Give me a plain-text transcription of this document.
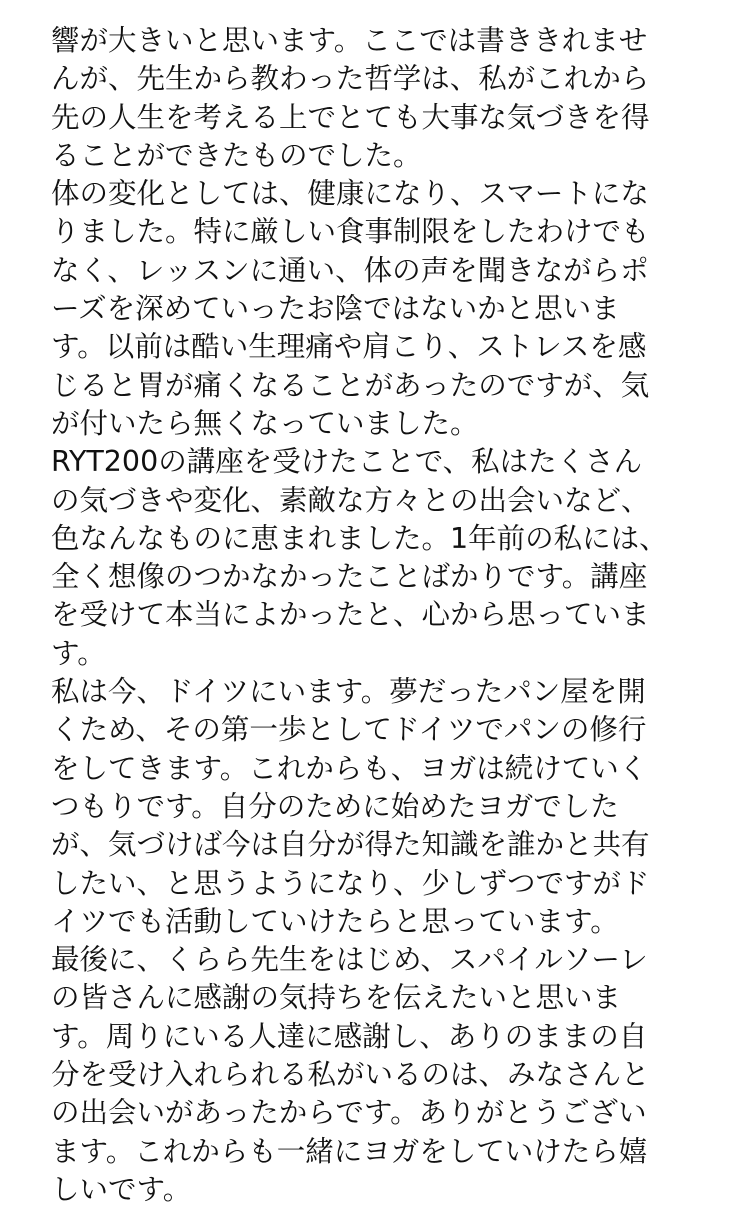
響が大きいと思います。ここでは書ききれませ
んが、先生から教わった哲学は、私がこれから
先の人生を考える上でとても大事な気づきを得
ることができたものでした。
体の変化としては、健康になり、スマートにな
りました。特に厳しい食事制限をしたわけでも
なく、レッスンに通い、体の声を聞きながらポ
ーズを深めていったお陰ではないかと思いま
す。以前は酷い生理痛や肩こり、ストレスを感
じると胃が痛くなることがあったのですが、気
が付いたら無くなっていました。
RYT200の講座を受けたことで、私はたくさん
の気づきや変化、素敵な方々との出会いなど、
色なんなものに恵まれました。1年前の私には、
全く想像のつかなかったことばかりです。講座
を受けて本当によかったと、心から思っていま
す。
私は今、ドイツにいます。夢だったパン屋を開
くため、その第一歩としてドイツでパンの修行
をしてきます。これからも、ヨガは続けていく
つもりです。自分のために始めたヨガでした
が、気づけば今は自分が得た知識を誰かと共有
したい、と思うようになり、少しずつですがド
イツでも活動していけたらと思っています。
最後に、くらら先生をはじめ、スパイルソーレ
の皆さんに感謝の気持ちを伝えたいと思いま
す。周りにいる人達に感謝し、ありのままの自
分を受け入れられる私がいるのは、みなさんと
の出会いがあったからです。ありがとうござい
ます。これからも一緒にヨガをしていけたら嬉
しいです。
